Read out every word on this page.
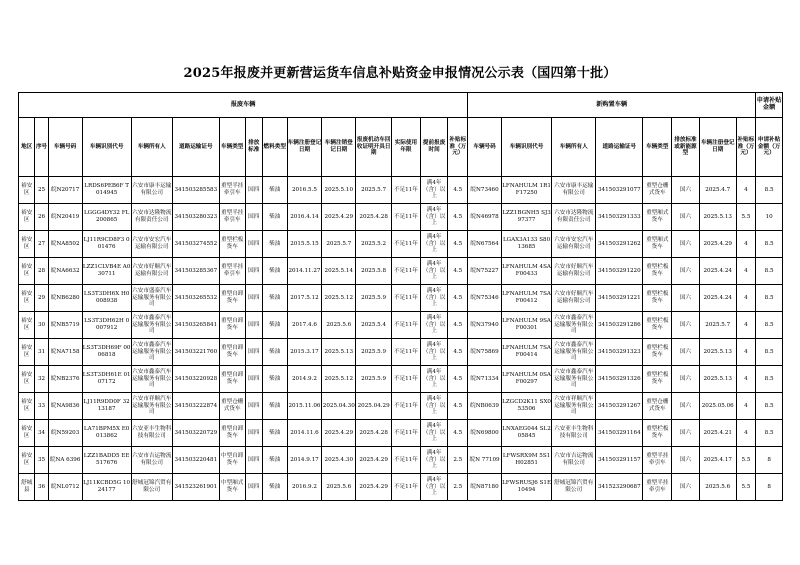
2025年报废并更新营运货车信息补贴资金申报情况公示表（国四第十批）
报废车辆															新购置车辆								申请补贴金额
地区	序号	车辆号码	车辆识别代号	车辆所有人	道路运输证号	车辆类型	排放标准	燃料类型	车辆注册登记日期	车辆注销登记日期	报废机动车回收证明开具日期	实际使用年限	提前报废时间	补贴标准（万元）	车辆号码	车辆识别代号	车辆所有人	道路运输证号	车辆类型	排放标准或新能源型	车辆注册登记日期	补贴标准（万元）	申请补贴金额（万元）
裕安区	25	皖N20717	LRDS6PEB6F T014945	六安市康丰运输有限公司	341503285583	重型半挂牵引车	国四	柴油	2016.5.5	2025.5.10	2025.5.7	不足11年	满4年（含）以上	4.5	皖N73460	LFNAHULM 1R1F17250	六安市康丰运输有限公司	341503291077	重型仓栅式货车	国六	2025.4.7	4	8.5
裕安区	26	皖N20419	LGGG4DY32 FL200865	六安市达隆物流有限责任公司	341503280323	重型半挂牵引车	国四	柴油	2016.4.14	2025.4.29	2025.4.28	不足11年	满4年（含）以上	4.5	皖N46978	LZZ1BGNH5 SJ397377	六安市达隆物流有限责任公司	341503291333	重型厢式货车	国六	2025.5.13	5.5	10
裕安区	27	皖NA8502	LJ11R9CD8F3 001476	六安市安宏汽车运输有限公司	341503274552	重型栏板货车	国四	柴油	2015.5.15	2025.5.7	2025.5.2	不足11年	满4年（含）以上	4.5	皖N67564	LGAX3A133 S8013685	六安市安宏汽车运输有限公司	341503291262	重型厢式货车	国六	2025.4.29	4	8.5
裕安区	28	皖NA6632	LZZ1CLVB4E A030711	六安市好顺汽车运输有限公司	341503285367	重型半挂牵引车	国四	柴油	2014.11.27	2025.5.14	2025.5.8	不足11年	满4年（含）以上	4.5	皖N75227	LFNAHULM 4SAF00433	六安市好顺汽车运输有限公司	341503291220	重型栏板货车	国六	2025.4.24	4	8.5
裕安区	29	皖NB6280	LS3T3DH6X H0008938	六安市盛泰汽车运输服务有限公司	341503265532	重型自卸货车	国四	柴油	2017.5.12	2025.5.12	2025.5.9	不足11年	满4年（含）以上	4.5	皖N75346	LFNAHULM 7SAF00412	六安市好顺汽车运输有限公司	341503291221	重型栏板货车	国六	2025.4.24	4	8.5
裕安区	30	皖NB5719	LS3T3DH62H 0007912	六安市鑫泰汽车运输服务有限公司	341503265841	重型自卸货车	国四	柴油	2017.4.6	2025.5.6	2025.5.4	不足11年	满4年（含）以上	4.5	皖N37940	LFNAHULM 9SAF00301	六安市鑫泰汽车运输服务有限公司	341503291286	重型栏板货车	国六	2025.5.7	4	8.5
裕安区	31	皖NA7158	LS3T3DH69F 0006818	六安市鑫泰汽车运输服务有限公司	341503221760	重型自卸货车	国四	柴油	2015.3.17	2025.5.13	2025.5.9	不足11年	满4年（含）以上	4.5	皖N75869	LFNAHULM 7SAF00414	六安市鑫泰汽车运输服务有限公司	341503291323	重型栏板货车	国六	2025.5.13	4	8.5
裕安区	32	皖NB2376	LS3T3DH61E 0107172	六安市鑫泰汽车运输服务有限公司	341503220928	重型自卸货车	国四	柴油	2014.9.2	2025.5.12	2025.5.9	不足11年	满4年（含）以上	4.5	皖N71334	LFNAHULM 0SAF00297	六安市鑫泰汽车运输服务有限公司	341503291326	重型栏板货车	国六	2025.5.13	4	8.5
裕安区	33	皖NA9836	LJ11R9DD0F 3213187	六安市祥顺汽车运输服务有限公司	341503222874	重型仓栅式货车	国四	柴油	2015.11.06	2025.04.30	2025.04.29	不足11年	满4年（含）以上	4.5	皖NB0639	LZGCD2K11 SX053506	六安市祥顺汽车运输服务有限公司	341503291267	重型仓栅式货车	国六	2025.05.06	4	8.5
裕安区	34	皖N59203	LA71BPM5X E0013862	六安亚丰生物科技有限公司	341503220729	重型自卸货车	国四	柴油	2014.11.6	2025.4.29	2025.4.28	不足11年	满4年（含）以上	4.5	皖N69800	LNXAEG044 SL205845	六安亚丰生物科技有限公司	341503291164	重型栏板货车	国六	2025.4.21	4	8.5
裕安区	35	皖NA 6396	LZZ1BADD5 EE517676	六安市吉运物流有限公司	341503220481	中型自卸货车	国四	柴油	2014.9.17	2025.4.30	2025.4.29	不足11年	满4年（含）以上	2.5	皖N 77109	LFWSRX9M 5S1H02851	六安市吉运物流有限公司	341503291157	重型半挂牵引车	国六	2025.4.17	5.5	8
舒城县	36	皖NL0712	LJ11KCBD5G 1024177	舒城冠锦汽贸有限公司	341523261901	中型厢式货车	国四	柴油	2016.9.2	2025.5.6	2025.4.29	不足11年	满4年（含）以上	2.5	皖N87180	LFWSRUSJ6 S1E10494	舒城冠锦汽贸有限公司	341523290687	重型半挂牵引车	国六	2025.5.6	5.5	8
